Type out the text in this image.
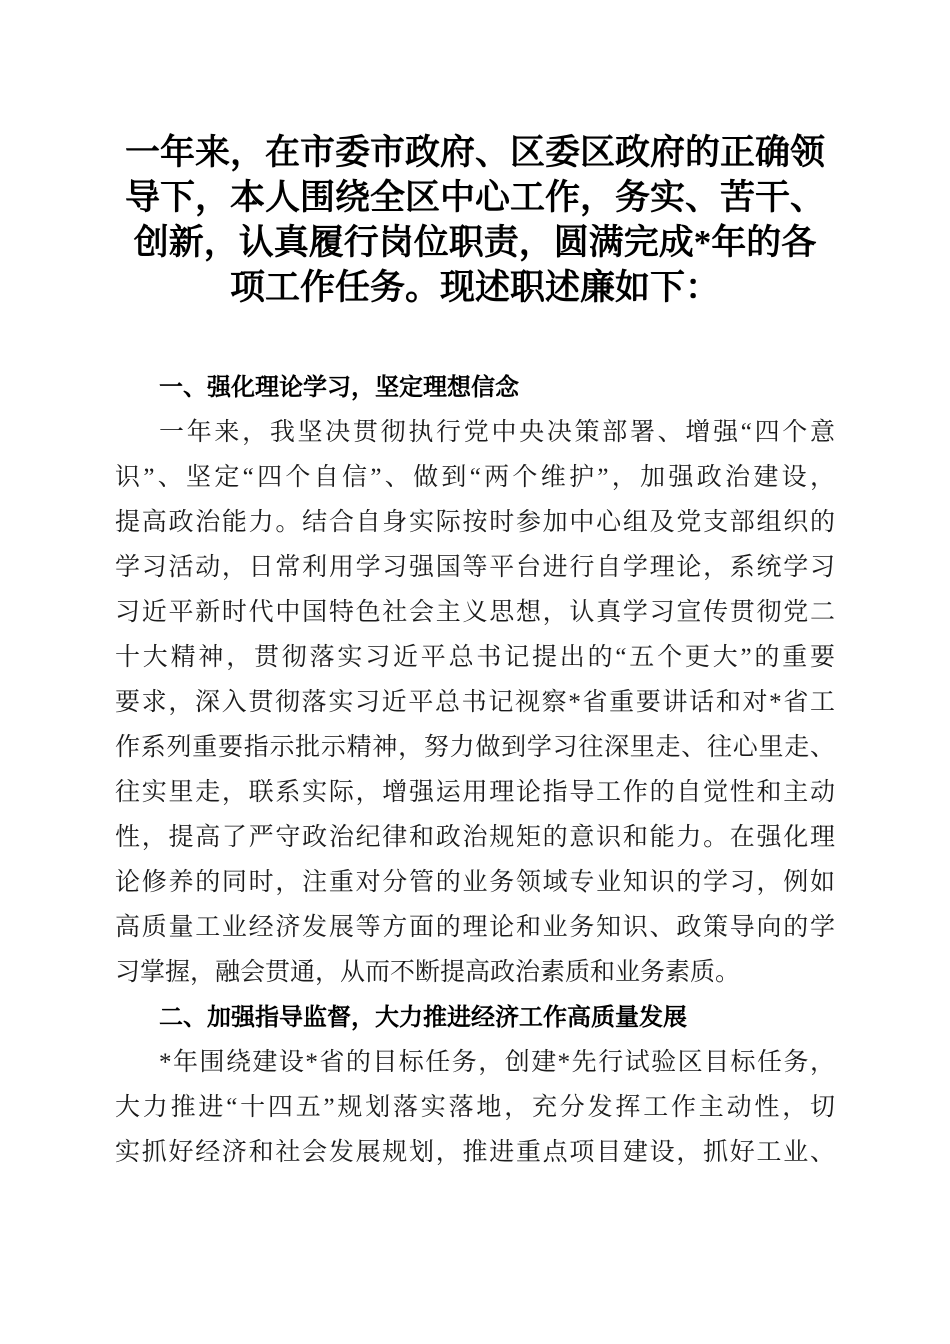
一年来，在市委市政府、区委区政府的正确领
导下，本人围绕全区中心工作，务实、苦干、
创新，认真履行岗位职责，圆满完成*年的各
项工作任务。现述职述廉如下：
一、强化理论学习，坚定理想信念
一年来，我坚决贯彻执行党中央决策部署、增强“四个意
识”、坚定“四个自信”、做到“两个维护”，加强政治建设，
提高政治能力。结合自身实际按时参加中心组及党支部组织的
学习活动，日常利用学习强国等平台进行自学理论，系统学习
习近平新时代中国特色社会主义思想，认真学习宣传贯彻党二
十大精神，贯彻落实习近平总书记提出的“五个更大”的重要
要求，深入贯彻落实习近平总书记视察*省重要讲话和对*省工
作系列重要指示批示精神，努力做到学习往深里走、往心里走、
往实里走，联系实际，增强运用理论指导工作的自觉性和主动
性，提高了严守政治纪律和政治规矩的意识和能力。在强化理
论修养的同时，注重对分管的业务领域专业知识的学习，例如
高质量工业经济发展等方面的理论和业务知识、政策导向的学
习掌握，融会贯通，从而不断提高政治素质和业务素质。
二、加强指导监督，大力推进经济工作高质量发展
*年围绕建设*省的目标任务，创建*先行试验区目标任务，
大力推进“十四五”规划落实落地，充分发挥工作主动性，切
实抓好经济和社会发展规划，推进重点项目建设，抓好工业、
